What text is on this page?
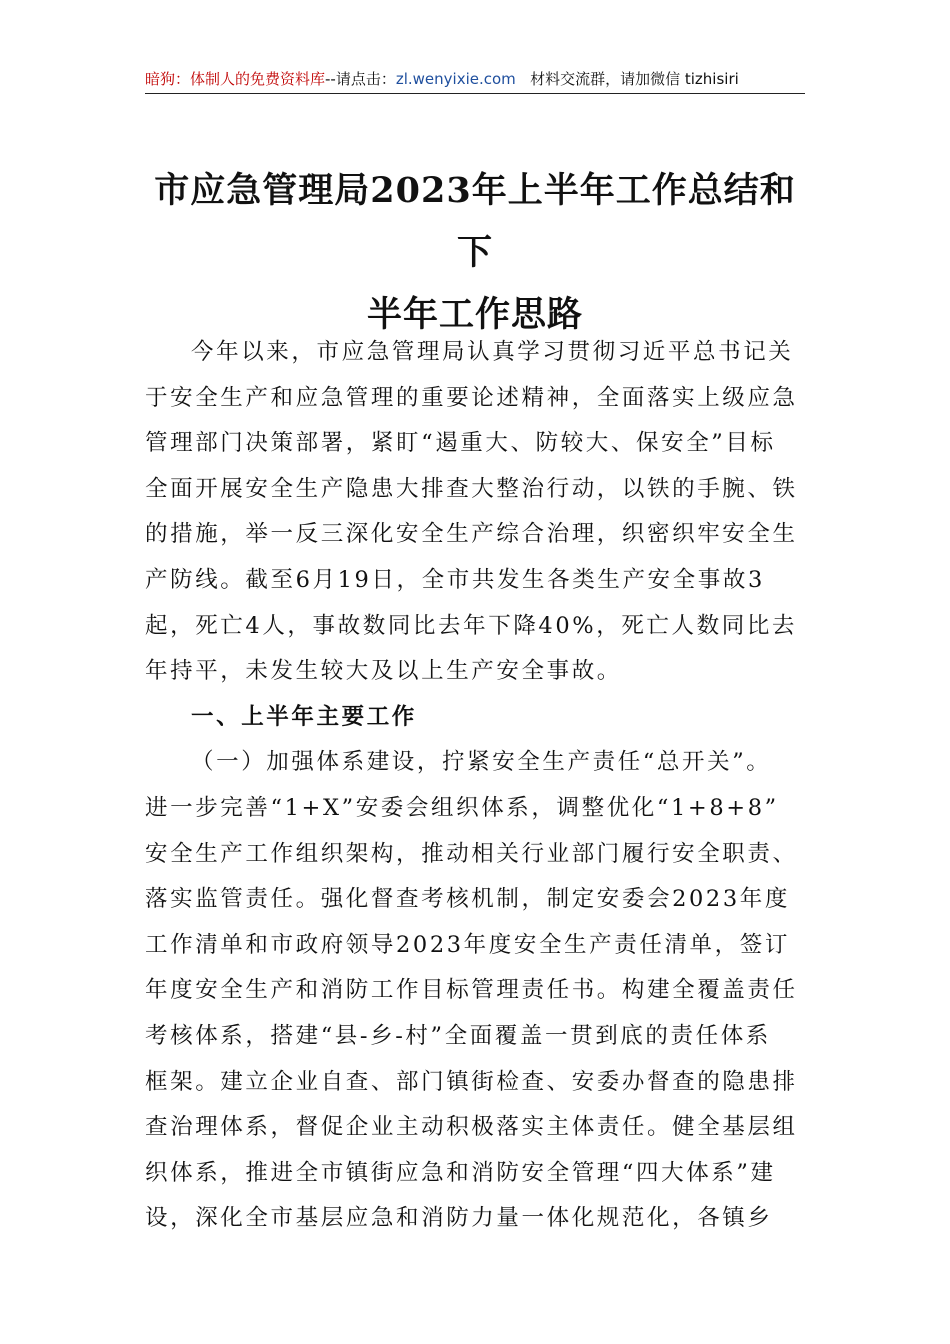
暗狗：体制人的免费资料库--请点击：zl.wenyixie.com 材料交流群，请加微信 tizhisiri
市应急管理局2023年上半年工作总结和下
半年工作思路
今年以来，市应急管理局认真学习贯彻习近平总书记关
于安全生产和应急管理的重要论述精神，全面落实上级应急
管理部门决策部署，紧盯“遏重大、防较大、保安全”目标
全面开展安全生产隐患大排查大整治行动，以铁的手腕、铁
的措施，举一反三深化安全生产综合治理，织密织牢安全生
产防线。截至6月19日，全市共发生各类生产安全事故3
起，死亡4人，事故数同比去年下降40%，死亡人数同比去
年持平，未发生较大及以上生产安全事故。
一、上半年主要工作
（一）加强体系建设，拧紧安全生产责任“总开关”。
进一步完善“1+X”安委会组织体系，调整优化“1+8+8”
安全生产工作组织架构，推动相关行业部门履行安全职责、
落实监管责任。强化督查考核机制，制定安委会2023年度
工作清单和市政府领导2023年度安全生产责任清单，签订
年度安全生产和消防工作目标管理责任书。构建全覆盖责任
考核体系，搭建“县-乡-村”全面覆盖一贯到底的责任体系
框架。建立企业自查、部门镇街检查、安委办督查的隐患排
查治理体系，督促企业主动积极落实主体责任。健全基层组
织体系，推进全市镇街应急和消防安全管理“四大体系”建
设，深化全市基层应急和消防力量一体化规范化，各镇乡
